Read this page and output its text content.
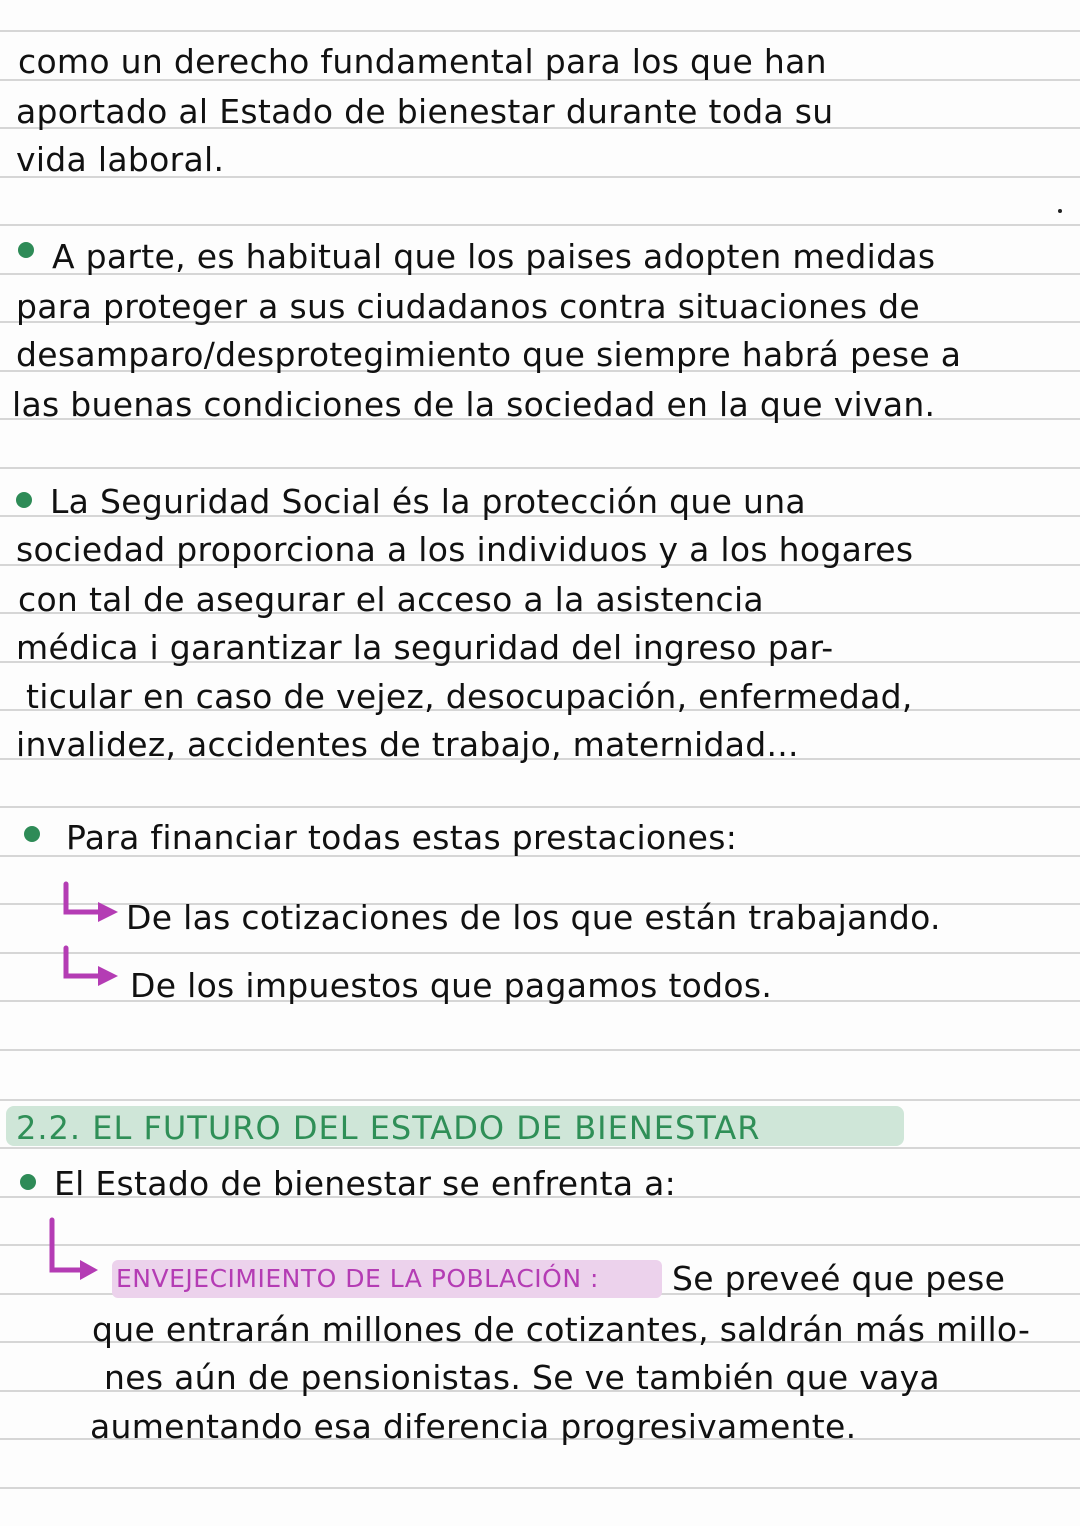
como un derecho fundamental para los que han
aportado al Estado de bienestar durante toda su
vida laboral.
A parte, es habitual que los paises adopten medidas
para proteger a sus ciudadanos contra situaciones de
desamparo/desprotegimiento que siempre habrá pese a
las buenas condiciones de la sociedad en la que vivan.
La Seguridad Social és la protección que una
sociedad proporciona a los individuos y a los hogares
con tal de asegurar el acceso a la asistencia
médica i garantizar la seguridad del ingreso par-
ticular en caso de vejez, desocupación, enfermedad,
invalidez, accidentes de trabajo, maternidad...
Para financiar todas estas prestaciones:
De las cotizaciones de los que están trabajando.
De los impuestos que pagamos todos.
2.2. EL FUTURO DEL ESTADO DE BIENESTAR
El Estado de bienestar se enfrenta a:
ENVEJECIMIENTO DE LA POBLACIÓN : Se preveé que pese
que entrarán millones de cotizantes, saldrán más millo-
nes aún de pensionistas. Se ve también que vaya
aumentando esa diferencia progresivamente.
